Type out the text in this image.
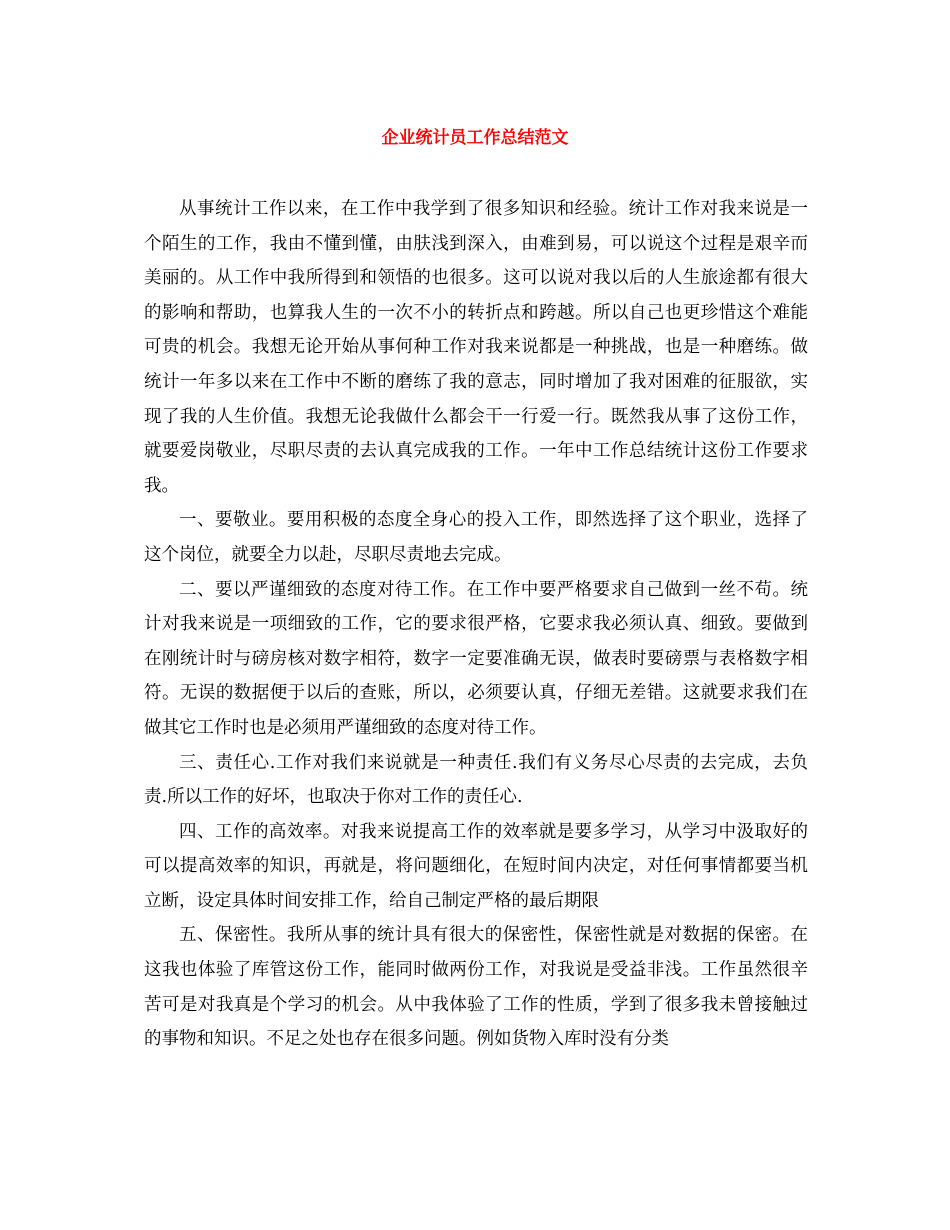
企业统计员工作总结范文

从事统计工作以来，在工作中我学到了很多知识和经验。统计工作对我来说是一个陌生的工作，我由不懂到懂，由肤浅到深入，由难到易，可以说这个过程是艰辛而美丽的。从工作中我所得到和领悟的也很多。这可以说对我以后的人生旅途都有很大的影响和帮助，也算我人生的一次不小的转折点和跨越。所以自己也更珍惜这个难能可贵的机会。我想无论开始从事何种工作对我来说都是一种挑战，也是一种磨练。做统计一年多以来在工作中不断的磨练了我的意志，同时增加了我对困难的征服欲，实现了我的人生价值。我想无论我做什么都会干一行爱一行。既然我从事了这份工作，就要爱岗敬业，尽职尽责的去认真完成我的工作。一年中工作总结统计这份工作要求我。

一、要敬业。要用积极的态度全身心的投入工作，即然选择了这个职业，选择了这个岗位，就要全力以赴，尽职尽责地去完成。

二、要以严谨细致的态度对待工作。在工作中要严格要求自己做到一丝不苟。统计对我来说是一项细致的工作，它的要求很严格，它要求我必须认真、细致。要做到在刚统计时与磅房核对数字相符，数字一定要准确无误，做表时要磅票与表格数字相符。无误的数据便于以后的查账，所以，必须要认真，仔细无差错。这就要求我们在做其它工作时也是必须用严谨细致的态度对待工作。

三、责任心.工作对我们来说就是一种责任.我们有义务尽心尽责的去完成，去负责.所以工作的好坏，也取决于你对工作的责任心.

四、工作的高效率。对我来说提高工作的效率就是要多学习，从学习中汲取好的可以提高效率的知识，再就是，将问题细化，在短时间内决定，对任何事情都要当机立断，设定具体时间安排工作，给自己制定严格的最后期限

五、保密性。我所从事的统计具有很大的保密性，保密性就是对数据的保密。在这我也体验了库管这份工作，能同时做两份工作，对我说是受益非浅。工作虽然很辛苦可是对我真是个学习的机会。从中我体验了工作的性质，学到了很多我未曾接触过的事物和知识。不足之处也存在很多问题。例如货物入库时没有分类
